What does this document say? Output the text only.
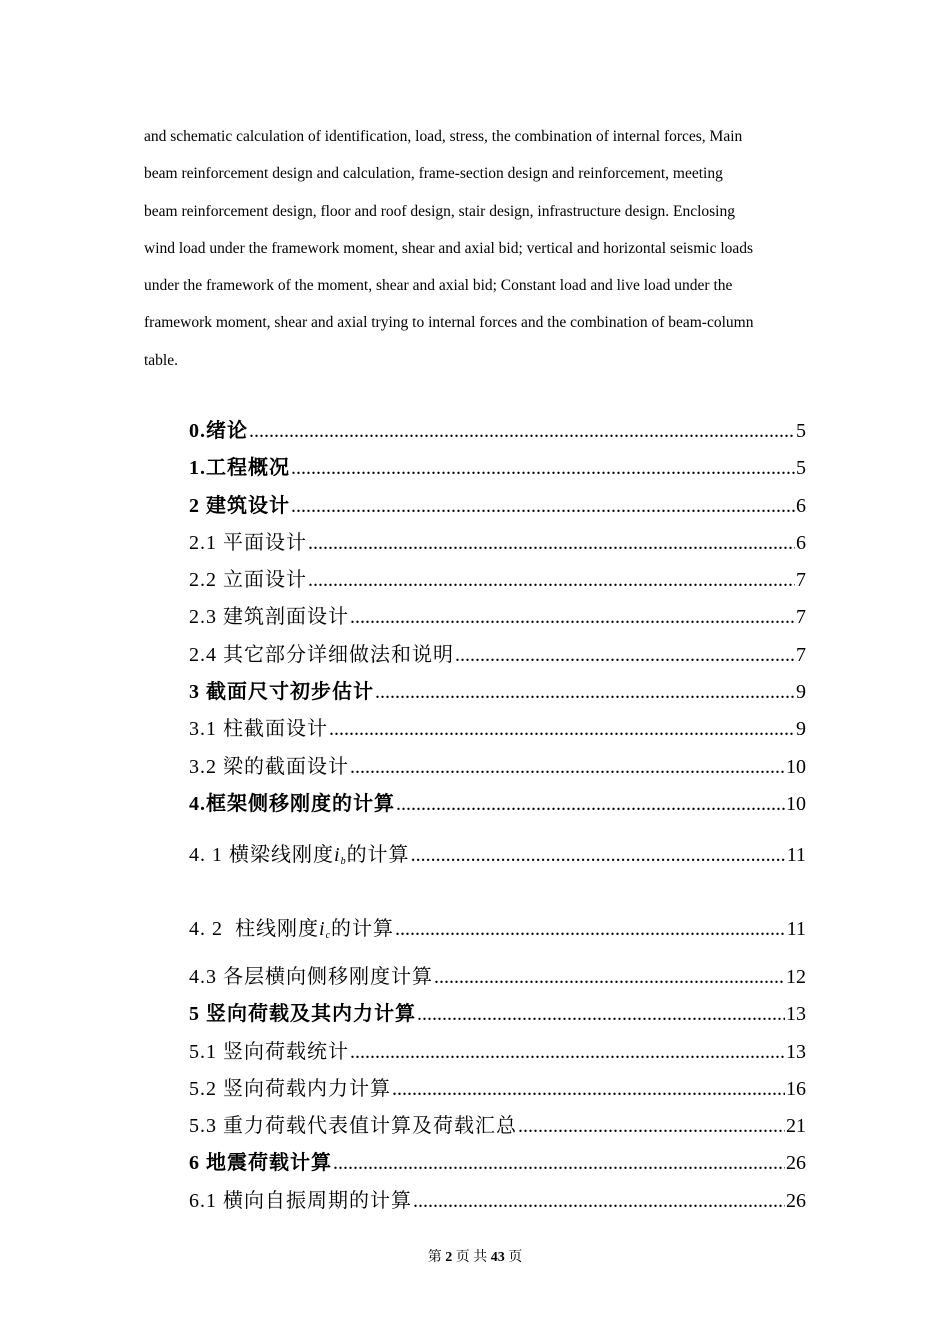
and schematic calculation of identification, load, stress, the combination of internal forces, Main
beam reinforcement design and calculation, frame-section design and reinforcement, meeting
beam reinforcement design, floor and roof design, stair design, infrastructure design. Enclosing
wind load under the framework moment, shear and axial bid; vertical and horizontal seismic loads
under the framework of the moment, shear and axial bid; Constant load and live load under the
framework moment, shear and axial trying to internal forces and the combination of beam-column
table.
0.绪论 .....	5
1.工程概况 .....	5
2 建筑设计 .....	6
2.1 平面设计 .....	6
2.2 立面设计 .....	7
2.3 建筑剖面设计 .....	7
2.4 其它部分详细做法和说明 .....	7
3 截面尺寸初步估计 .....	9
3.1 柱截面设计 .....	9
3.2 梁的截面设计 .....	10
4.框架侧移刚度的计算 .....	10
4. 1 横梁线刚度$i_b$的计算 .....	11
4. 2  柱线刚度$i_c$的计算 .....	11
4.3 各层横向侧移刚度计算 .....	12
5 竖向荷载及其内力计算 .....	13
5.1 竖向荷载统计 .....	13
5.2 竖向荷载内力计算 .....	16
5.3 重力荷载代表值计算及荷载汇总 .....	21
6 地震荷载计算 .....	26
6.1 横向自振周期的计算 .....	26
第 2 页 共 43 页
